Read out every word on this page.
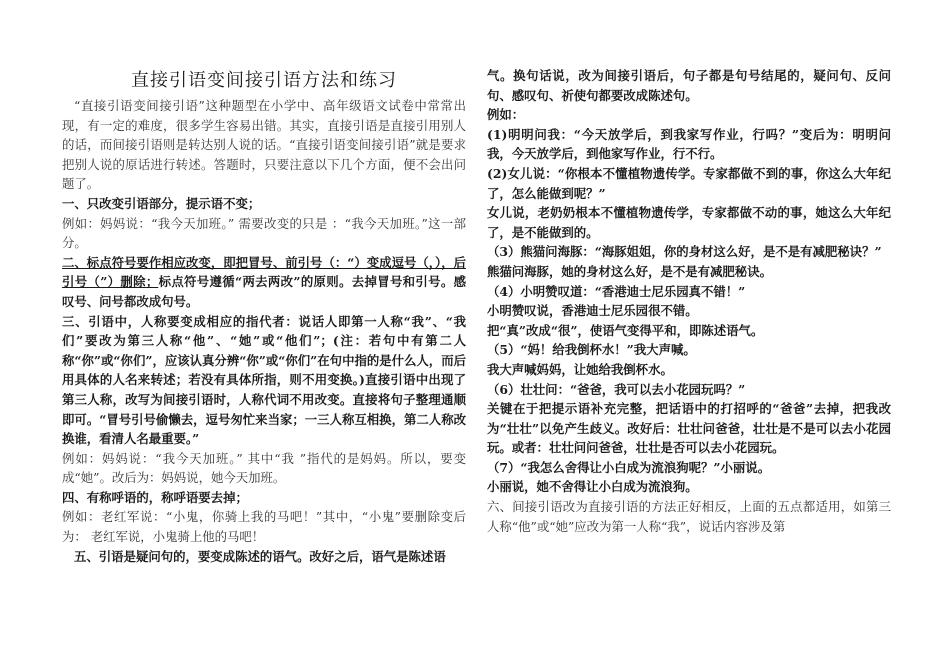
直接引语变间接引语方法和练习

“直接引语变间接引语”这种题型在小学中、高年级语文试卷中常常出现，有一定的难度，很多学生容易出错。其实，直接引语是直接引用别人的话，而间接引语则是转达别人说的话。“直接引语变间接引语”就是要求把别人说的原话进行转述。答题时，只要注意以下几个方面，便不会出问题了。

一、只改变引语部分，提示语不变；

例如：妈妈说：“我今天加班。” 需要改变的只是 ：“我今天加班。”这一部分。

二、标点符号要作相应改变，即把冒号、前引号（：“）变成逗号（，），后引号（”）删除；标点符号遵循“两去两改”的原则。去掉冒号和引号。感叹号、问号都改成句号。

三、引语中，人称要变成相应的指代者：说话人即第一人称“我”、“我们”要改为第三人称“他”、“她”或“他们”；(注：若句中有第二人称“你”或“你们”，应该认真分辨“你”或“你们”在句中指的是什么人，而后用具体的人名来转述；若没有具体所指，则不用变换。)直接引语中出现了第三人称，改写为间接引语时，人称代词不用改变。直接将句子整理通顺即可。“冒号引号偷懒去，逗号匆忙来当家；一三人称互相换，第二人称改换谁，看清人名最重要。”

例如：妈妈说：“我今天加班。” 其中“我 ”指代的是妈妈。所以，要变成“她”。改后为：妈妈说，她今天加班。

四、有称呼语的，称呼语要去掉；

例如：老红军说：“小鬼，你骑上我的马吧！”其中，“小鬼”要删除变后为： 老红军说，小鬼骑上他的马吧！

五、引语是疑问句的，要变成陈述的语气。改好之后，语气是陈述语

气。换句话说，改为间接引语后，句子都是句号结尾的，疑问句、反问句、感叹句、祈使句都要改成陈述句。

例如：

(1)明明问我：“今天放学后，到我家写作业，行吗？”变后为：明明问我，今天放学后，到他家写作业，行不行。

(2)女儿说：“你根本不懂植物遗传学。专家都做不到的事，你这么大年纪了，怎么能做到呢？”

女儿说，老奶奶根本不懂植物遗传学，专家都做不动的事，她这么大年纪了，是不能做到的。

（3）熊猫问海豚：“海豚姐姐，你的身材这么好，是不是有减肥秘诀？”

熊猫问海豚，她的身材这么好，是不是有减肥秘诀。

（4）小明赞叹道：“香港迪士尼乐园真不错！”

小明赞叹说，香港迪士尼乐园很不错。

把“真”改成“很”，使语气变得平和，即陈述语气。

（5）“妈！给我倒杯水！”我大声喊。

我大声喊妈妈，让她给我倒杯水。

（6）壮壮问：“爸爸，我可以去小花园玩吗？”

关键在于把提示语补充完整，把话语中的打招呼的“爸爸”去掉，把我改为“壮壮”以免产生歧义。改好后：壮壮问爸爸，壮壮是不是可以去小花园玩。或者：壮壮问问爸爸，壮壮是否可以去小花园玩。

（7）“我怎么舍得让小白成为流浪狗呢？”小丽说。

小丽说，她不舍得让小白成为流浪狗。

六、间接引语改为直接引语的方法正好相反，上面的五点都适用，如第三人称“他”或“她”应改为第一人称“我”，说话内容涉及第
